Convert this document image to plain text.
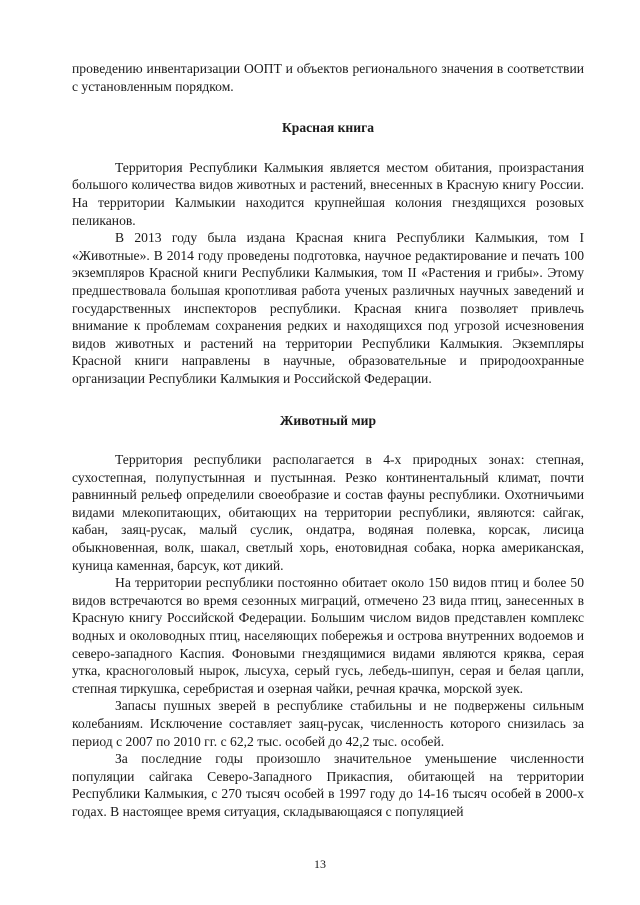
проведению инвентаризации ООПТ и объектов регионального значения в соответствии с установленным порядком.

Красная книга

Территория Республики Калмыкия является местом обитания, произрастания большого количества видов животных и растений, внесенных в Красную книгу России. На территории Калмыкии находится крупнейшая колония гнездящихся розовых пеликанов.

В 2013 году была издана Красная книга Республики Калмыкия, том I «Животные». В 2014 году проведены подготовка, научное редактирование и печать 100 экземпляров Красной книги Республики Калмыкия, том II «Растения и грибы». Этому предшествовала большая кропотливая работа ученых различных научных заведений и государственных инспекторов республики. Красная книга позволяет привлечь внимание к проблемам сохранения редких и находящихся под угрозой исчезновения видов животных и растений на территории Республики Калмыкия. Экземпляры Красной книги направлены в научные, образовательные и природоохранные организации Республики Калмыкия и Российской Федерации.

Животный мир

Территория республики располагается в 4-х природных зонах: степная, сухостепная, полупустынная и пустынная. Резко континентальный климат, почти равнинный рельеф определили своеобразие и состав фауны республики. Охотничьими видами млекопитающих, обитающих на территории республики, являются: сайгак, кабан, заяц-русак, малый суслик, ондатра, водяная полевка, корсак, лисица обыкновенная, волк, шакал, светлый хорь, енотовидная собака, норка американская, куница каменная, барсук, кот дикий.

На территории республики постоянно обитает около 150 видов птиц и более 50 видов встречаются во время сезонных миграций, отмечено 23 вида птиц, занесенных в Красную книгу Российской Федерации. Большим числом видов представлен комплекс водных и околоводных птиц, населяющих побережья и острова внутренних водоемов и северо-западного Каспия. Фоновыми гнездящимися видами являются кряква, серая утка, красноголовый нырок, лысуха, серый гусь, лебедь-шипун, серая и белая цапли, степная тиркушка, серебристая и озерная чайки, речная крачка, морской зуек.

Запасы пушных зверей в республике стабильны и не подвержены сильным колебаниям. Исключение составляет заяц-русак, численность которого снизилась за период с 2007 по 2010 гг. с 62,2 тыс. особей до 42,2 тыс. особей.

За последние годы произошло значительное уменьшение численности популяции сайгака Северо-Западного Прикаспия, обитающей на территории Республики Калмыкия, с 270 тысяч особей в 1997 году до 14-16 тысяч особей в 2000-х годах. В настоящее время ситуация, складывающаяся с популяцией

13
